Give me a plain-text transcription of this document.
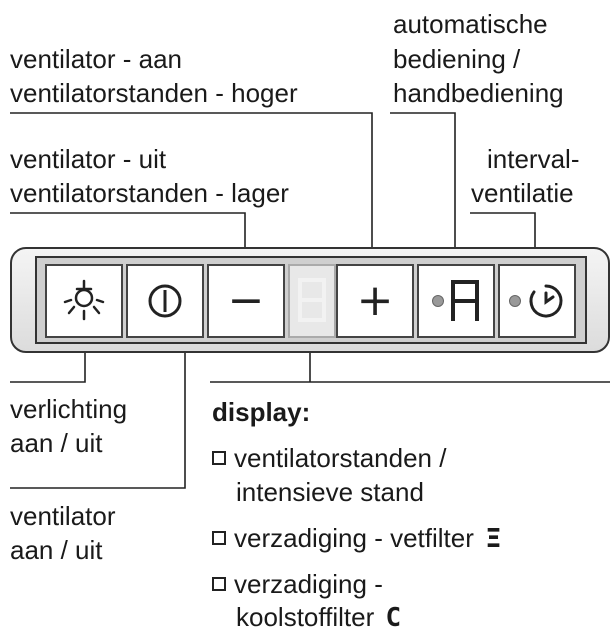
ventilator - aan
ventilatorstanden - hoger
automatische
bediening /
handbediening
ventilator - uit
ventilatorstanden - lager
interval-
ventilatie
− +
verlichting
aan / uit
ventilator
aan / uit
display:
ventilatorstanden /
intensieve stand
verzadiging - vetfilter Ξ
verzadiging -
koolstoffilter C
